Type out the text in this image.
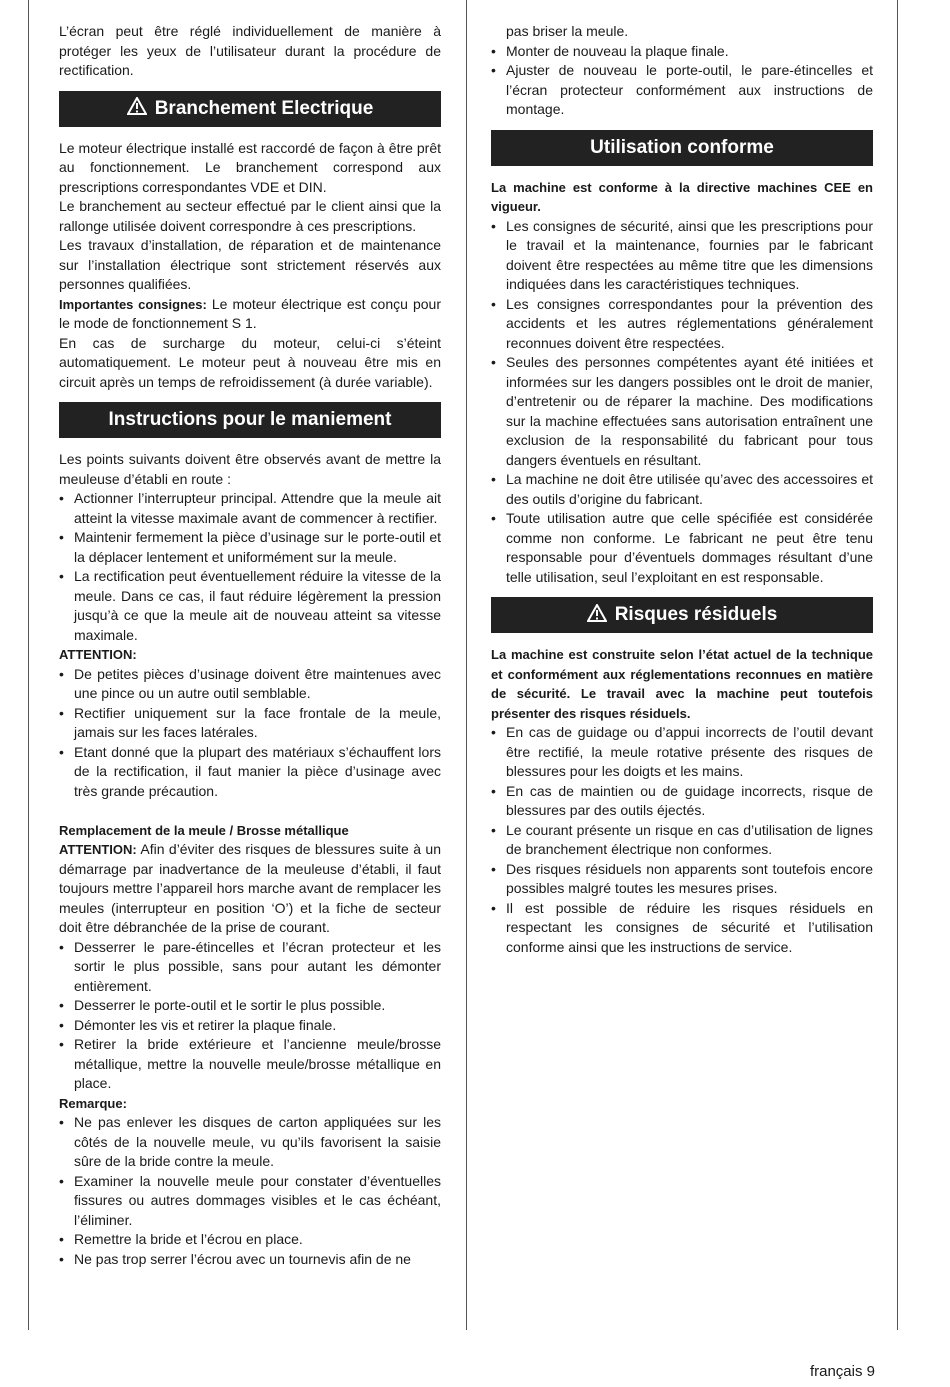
L’écran peut être réglé individuellement de manière à protéger les yeux de l’utilisateur durant la procédure de rectification.

Branchement Electrique

Le moteur électrique installé est raccordé de façon à être prêt au fonctionnement. Le branchement correspond aux prescriptions correspondantes VDE et DIN.

Le branchement au secteur effectué par le client ainsi que la rallonge utilisée doivent correspondre à ces prescriptions.

Les travaux d’installation, de réparation et de maintenance sur l’installation électrique sont strictement réservés aux personnes qualifiées.

Importantes consignes: Le moteur électrique est conçu pour le mode de fonctionnement S 1.

En cas de surcharge du moteur, celui-ci s’éteint automatiquement. Le moteur peut à nouveau être mis en circuit après un temps de refroidissement (à durée variable).

Instructions pour le maniement

Les points suivants doivent être observés avant de mettre la meuleuse d’établi en route :

• Actionner l’interrupteur principal. Attendre que la meule ait atteint la vitesse maximale avant de commencer à rectifier.
• Maintenir fermement la pièce d’usinage sur le porte-outil et la déplacer lentement et uniformément sur la meule.
• La rectification peut éventuellement réduire la vitesse de la meule. Dans ce cas, il faut réduire légèrement la pression jusqu’à ce que la meule ait de nouveau atteint sa vitesse maximale.

ATTENTION:

• De petites pièces d’usinage doivent être maintenues avec une pince ou un autre outil semblable.
• Rectifier uniquement sur la face frontale de la meule, jamais sur les faces latérales.
• Etant donné que la plupart des matériaux s’échauffent lors de la rectification, il faut manier la pièce d’usinage avec très grande précaution.

Remplacement de la meule / Brosse métallique

ATTENTION: Afin d’éviter des risques de blessures suite à un démarrage par inadvertance de la meuleuse d’établi, il faut toujours mettre l’appareil hors marche avant de remplacer les meules (interrupteur en position ‘O’) et la fiche de secteur doit être débranchée de la prise de courant.

• Desserrer le pare-étincelles et l’écran protecteur et les sortir le plus possible, sans pour autant les démonter entièrement.
• Desserrer le porte-outil et le sortir le plus possible.
• Démonter les vis et retirer la plaque finale.
• Retirer la bride extérieure et l’ancienne meule/brosse métallique, mettre la nouvelle meule/brosse métallique en place.

Remarque:

• Ne pas enlever les disques de carton appliquées sur les côtés de la nouvelle meule, vu qu’ils favorisent la saisie sûre de la bride contre la meule.
• Examiner la nouvelle meule pour constater d’éventuelles fissures ou autres dommages visibles et le cas échéant, l’éliminer.
• Remettre la bride et l’écrou en place.
• Ne pas trop serrer l’écrou avec un tournevis afin de ne

pas briser la meule.

• Monter de nouveau la plaque finale.
• Ajuster de nouveau le porte-outil, le pare-étincelles et l’écran protecteur conformément aux instructions de montage.
Utilisation conforme

La machine est conforme à la directive machines CEE en vigueur.

• Les consignes de sécurité, ainsi que les prescriptions pour le travail et la maintenance, fournies par le fabricant doivent être respectées au même titre que les dimensions indiquées dans les caractéristiques techniques.
• Les consignes correspondantes pour la prévention des accidents et les autres réglementations généralement reconnues doivent être respectées.
• Seules des personnes compétentes ayant été initiées et informées sur les dangers possibles ont le droit de manier, d’entretenir ou de réparer la machine. Des modifications sur la machine effectuées sans autorisation entraînent une exclusion de la responsabilité du fabricant pour tous dangers éventuels en résultant.
• La machine ne doit être utilisée qu’avec des accessoires et des outils d’origine du fabricant.
• Toute utilisation autre que celle spécifiée est considérée comme non conforme. Le fabricant ne peut être tenu responsable pour d’éventuels dommages résultant d’une telle utilisation, seul l’exploitant en est responsable.
Risques résiduels

La machine est construite selon l’état actuel de la technique et conformément aux réglementations reconnues en matière de sécurité. Le travail avec la machine peut toutefois présenter des risques résiduels.

• En cas de guidage ou d’appui incorrects de l’outil devant être rectifié, la meule rotative présente des risques de blessures pour les doigts et les mains.
• En cas de maintien ou de guidage incorrects, risque de blessures par des outils éjectés.
• Le courant présente un risque en cas d’utilisation de lignes de branchement électrique non conformes.
• Des risques résiduels non apparents sont toutefois encore possibles malgré toutes les mesures prises.
• Il est possible de réduire les risques résiduels en respectant les consignes de sécurité et l’utilisation conforme ainsi que les instructions de service.
français 9
